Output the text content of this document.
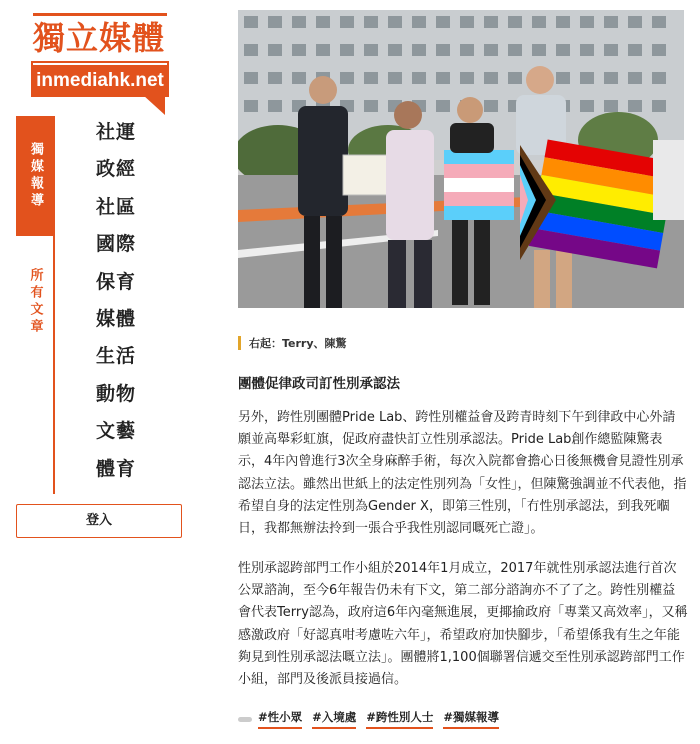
獨立媒體
inmediahk.net
獨媒報導
所有文章
社運
政經
社區
國際
保育
媒體
生活
動物
文藝
體育
登入
右起：Terry、陳驚
團體促律政司訂性別承認法

另外，跨性別團體Pride Lab、跨性別權益會及跨青時刻下午到律政中心外請願並高舉彩虹旗，促政府盡快訂立性別承認法。Pride Lab創作總監陳驚表示，4年內曾進行3次全身麻醉手術，每次入院都會擔心日後無機會見證性別承認法立法。雖然出世紙上的法定性別列為「女性」，但陳驚強調並不代表他，指希望自身的法定性別為Gender X，即第三性別，「冇性別承認法，到我死嗰日，我都無辦法拎到一張合乎我性別認同嘅死亡證」。

性別承認跨部門工作小組於2014年1月成立，2017年就性別承認法進行首次公眾諮詢，至今6年報告仍未有下文，第二部分諮詢亦不了了之。跨性別權益會代表Terry認為，政府這6年內毫無進展，更揶揄政府「專業又高效率」，又稱感激政府「好認真咁考慮咗六年」，希望政府加快腳步，「希望係我有生之年能夠見到性別承認法嘅立法」。團體將1,100個聯署信遞交至性別承認跨部門工作小組，部門及後派員接過信。

#性小眾 #入境處 #跨性別人士 #獨媒報導
